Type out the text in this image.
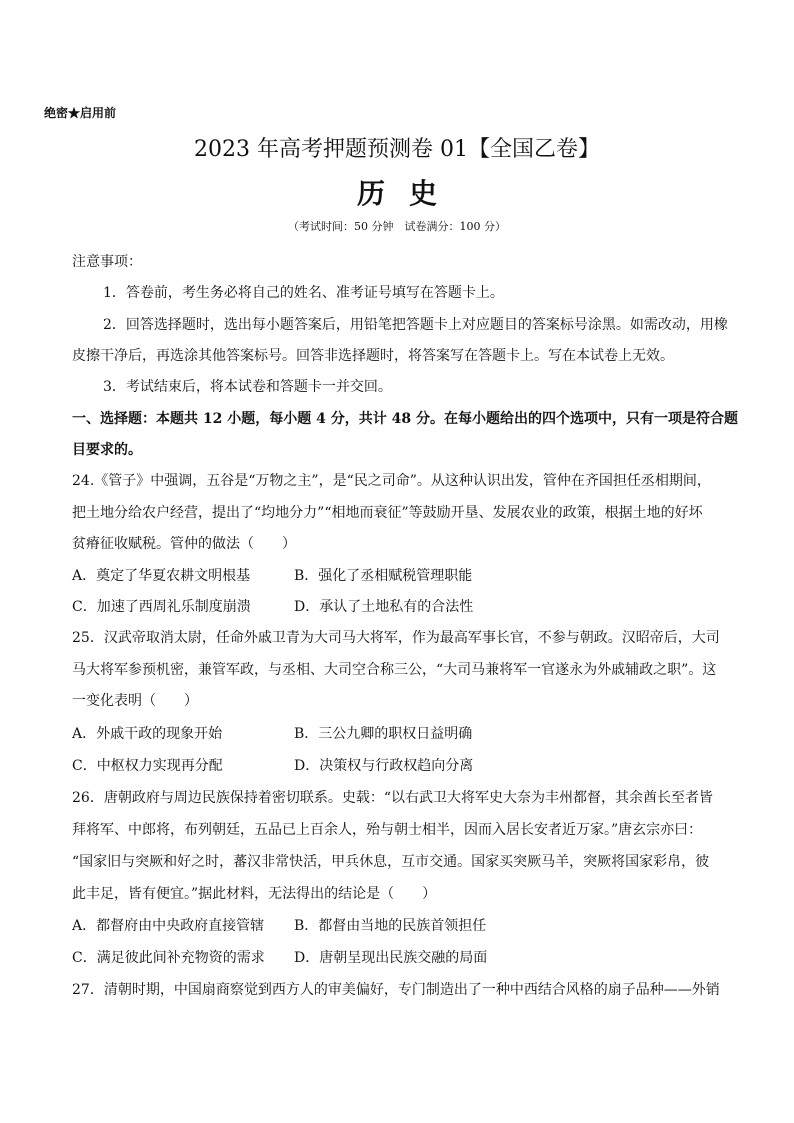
绝密★启用前
2023 年高考押题预测卷 01【全国乙卷】
历史
（考试时间：50 分钟　试卷满分：100 分）
注意事项：
1．答卷前，考生务必将自己的姓名、准考证号填写在答题卡上。
2．回答选择题时，选出每小题答案后，用铅笔把答题卡上对应题目的答案标号涂黑。如需改动，用橡
皮擦干净后，再选涂其他答案标号。回答非选择题时，将答案写在答题卡上。写在本试卷上无效。
3．考试结束后，将本试卷和答题卡一并交回。
一、选择题：本题共 12 小题，每小题 4 分，共计 48 分。在每小题给出的四个选项中，只有一项是符合题
目要求的。
24.《管子》中强调，五谷是“万物之主”，是“民之司命”。从这种认识出发，管仲在齐国担任丞相期间，
把土地分给农户经营，提出了“均地分力”“相地而衰征”等鼓励开垦、发展农业的政策，根据土地的好坏
贫瘠征收赋税。管仲的做法（　　）
A．奠定了华夏农耕文明根基	B．强化了丞相赋税管理职能
C．加速了西周礼乐制度崩溃	D．承认了土地私有的合法性
25．汉武帝取消太尉，任命外戚卫青为大司马大将军，作为最高军事长官，不参与朝政。汉昭帝后，大司
马大将军参预机密，兼管军政，与丞相、大司空合称三公，“大司马兼将军一官遂永为外戚辅政之职”。这
一变化表明（　　）
A．外戚干政的现象开始	B．三公九卿的职权日益明确
C．中枢权力实现再分配	D．决策权与行政权趋向分离
26．唐朝政府与周边民族保持着密切联系。史载：“以右武卫大将军史大奈为丰州都督，其余酋长至者皆
拜将军、中郎将，布列朝廷，五品已上百余人，殆与朝士相半，因而入居长安者近万家。”唐玄宗亦曰：
“国家旧与突厥和好之时，蕃汉非常快活，甲兵休息，互市交通。国家买突厥马羊，突厥将国家彩帛，彼
此丰足，皆有便宜。”据此材料，无法得出的结论是（　　）
A．都督府由中央政府直接管辖 B．都督由当地的民族首领担任
C．满足彼此间补充物资的需求 D．唐朝呈现出民族交融的局面
27．清朝时期，中国扇商察觉到西方人的审美偏好，专门制造出了一种中西结合风格的扇子品种——外销
